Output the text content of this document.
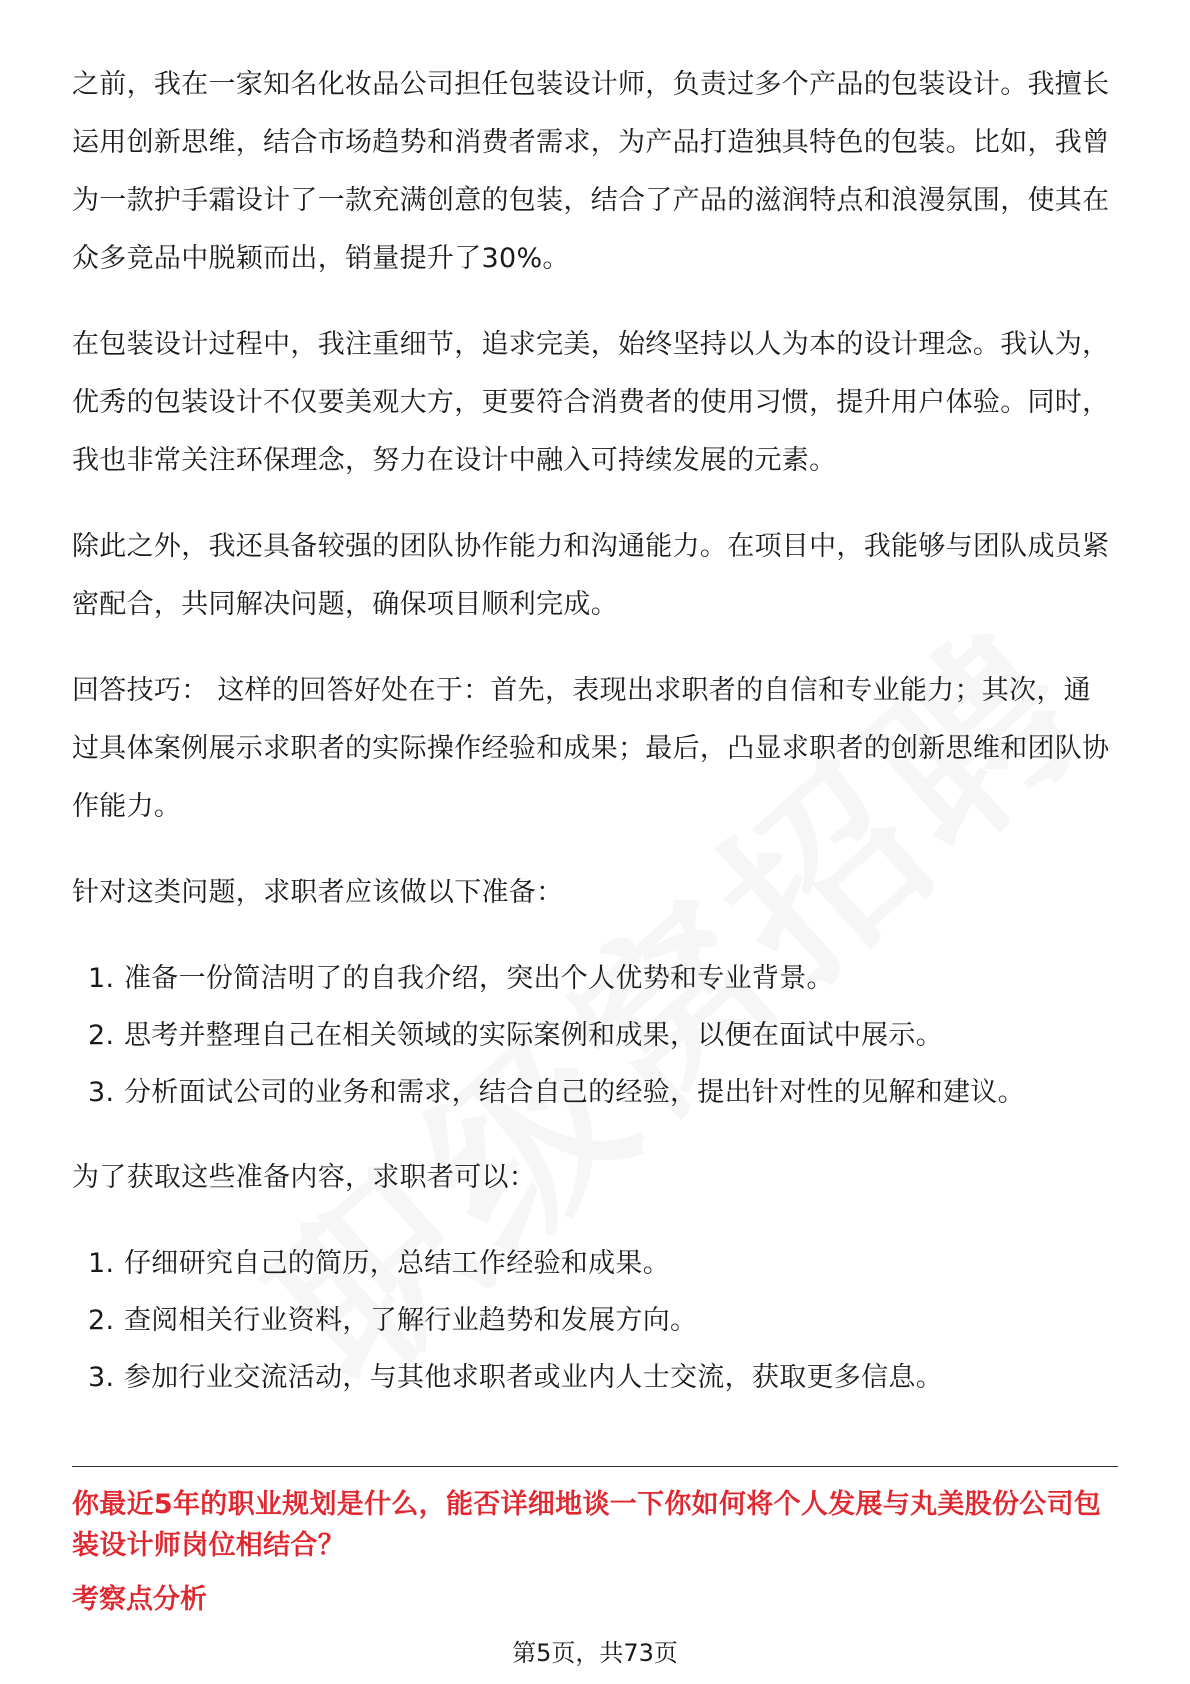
之前，我在一家知名化妆品公司担任包装设计师，负责过多个产品的包装设计。我擅长运用创新思维，结合市场趋势和消费者需求，为产品打造独具特色的包装。比如，我曾为一款护手霜设计了一款充满创意的包装，结合了产品的滋润特点和浪漫氛围，使其在众多竞品中脱颖而出，销量提升了30%。

在包装设计过程中，我注重细节，追求完美，始终坚持以人为本的设计理念。我认为，优秀的包装设计不仅要美观大方，更要符合消费者的使用习惯，提升用户体验。同时，我也非常关注环保理念，努力在设计中融入可持续发展的元素。

除此之外，我还具备较强的团队协作能力和沟通能力。在项目中，我能够与团队成员紧密配合，共同解决问题，确保项目顺利完成。

回答技巧： 这样的回答好处在于：首先，表现出求职者的自信和专业能力；其次，通过具体案例展示求职者的实际操作经验和成果；最后，凸显求职者的创新思维和团队协作能力。

针对这类问题，求职者应该做以下准备：

1. 准备一份简洁明了的自我介绍，突出个人优势和专业背景。
2. 思考并整理自己在相关领域的实际案例和成果，以便在面试中展示。
3. 分析面试公司的业务和需求，结合自己的经验，提出针对性的见解和建议。

为了获取这些准备内容，求职者可以：

1. 仔细研究自己的简历，总结工作经验和成果。
2. 查阅相关行业资料，了解行业趋势和发展方向。
3. 参加行业交流活动，与其他求职者或业内人士交流，获取更多信息。
你最近5年的职业规划是什么，能否详细地谈一下你如何将个人发展与丸美股份公司包装设计师岗位相结合？
考察点分析
第5页，共73页
